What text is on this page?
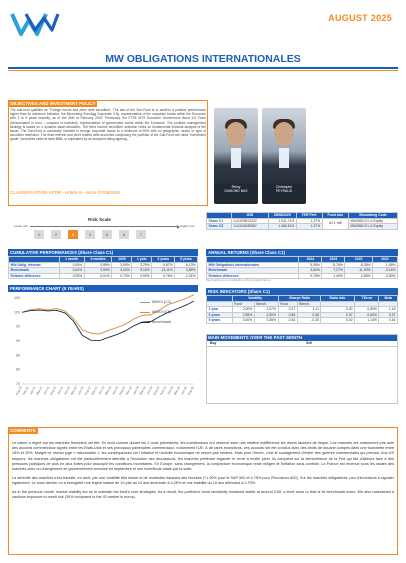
AUGUST 2025
MW OBLIGATIONS INTERNATIONALES
OBJECTIVES AND INVESTMENT POLICY
The sub-fund qualifies as "Foreign bonds and other debt securities". The aim of the Sub-Fund is to achieve a positive performance higher than its reference indicator, the Bloomberg EuroAgg Corporate 3-5y, representative of the corporate bonds within the Eurozone with 3 to 5 years maturity, as of the 26th of February 2020. Previously, the FTSE MTS Eurozone Government Bond 3-5 Years (denominated in euro – coupons re-invested), representative of government bonds within the Eurozone. The portfolio management strategy is based on a dynamic asset allocation. The fixed income securities' selection relies on fundamental financial analysis of the issuer. The Sub-Fund is constantly invested in foreign corporate bonds to a minimum of 50% with no geographic, sector or type of securities restriction. The fixed interest and other related debt securities composing the portfolio of the Sub-Fund are rated "investment grade" (securities rated at least BBB- or equivalent by an accepted rating agency).
CLASSIFICATION SFDR - Article 8 - since 27/05/2024
Rémy
DUMOND BAS
Christophe
PEYRAUD
Risk Scale
Lower risk	Higher risk
1	2	3	4	5	6	7
	ISIN	29/08/2025	TER Perf.	Fund size	Bloomberg Code
Share C1	LU1003574222	1 611,74 €	1,37%	61,1 m€	MWOBICO LX Equity
Share C5	LU1040039567	1 665,63 €	1,37%		MWOBICO LX Equity
CUMULATIVE PERFORMANCES (Share Class C1)
	1 month	3 months	2025	1 year	3 years	5 years
MW Oblig. Internat.	0,09%	0,89%	3,09%	2,29%	9,87%	6,13%
Benchmark	0,04%	0,90%	3,02%	5,16%	13,11%	3,89%
Relative difference	0,05%	-0,01%	0,73%	0,90%	0,76%	2,31%
ANNUAL RETURNS (Share Class C1)
	2024	2023	2022	2021
MW Obligations Internationales	5,38%	8,76%	-8,35%	-1,06%
Benchmark	4,60%	7,27%	-11,00%	-0,16%
Relative difference	0,78%	1,49%	2,65%	-0,90%
Past returns are not indicative of future performance.
PERFORMANCE CHART (5 YEARS)
75
80
85
90
95
100
105
Aug-20
Nov-21
Jan-21
Mar-21
Jun-21
Aug-21
Oct-21
Jan-22
Mar-22
Jun-22
Aug-22
Nov-22
Jan-23
Mar-23
Jun-23
Aug-23
Nov-23
Jan-24
Mar-24
Jun-24
Aug-24
Nov-24
Jan-25
Mar-25
Jun-25
Aug-25
MWOI (C1)
MWOI (C5)
Benchmark
RISK INDICATORS (Share C1)
	Volatility		Sharpe Ratio		Ratio Info.	T.Error	Beta
	Fund	Bench.	Fund	Bench.			
1 year	2,00%	1,57%	0,27	1,11	0,30	0,69%	1,16
3 years	2,85%	2,90%	0,56	0,36	0,37	0,63%	0,97
5 years	3,00%	3,36%	-0,54	-0,25	0,30	1,14%	0,54
MAIN MOVEMENTS OVER THE PAST MONTH
Buy	Sell
COMMENTS

Le calme a régné sur les marchés financiers cet été. En août comme durant les 2 mois précédents, les investisseurs ont observé avec une relative indifférence les divers facteurs de risque. Les marchés ont notamment pris acte des accords commerciaux signés entre les Etats-Unis et ses principaux partenaires commerciaux, notamment l'UE. À de rares exceptions, ces accords ont été conclus avec des droits de douane compris dans une fourchette entre 15% et 20%. Malgré ce niveau jugé « raisonnable », les conséquences sur l'inflation et l'activité économique ne seront pas neutres. Mais pour l'heure, c'est le soulagement d'éviter des guerres commerciales qui prévaut. Aux US toujours, les marchés obligataires ont été particulièrement attentifs à l'évolution des discussions, les marchés préférant regarder le verre à moitié plein. Ils comptent sur la bienveillance de la Fed qui fait d'ailleurs face à des pressions politiques de plus en plus fortes pour assouplir les conditions monétaires. En Europe, sans changement, la conjoncture économique reste mitigée et l'inflation sous contrôle. La France est revenue sous les radars des marchés avec un changement de gouvernement annoncé en septembre et une incertitude totale par la suite.

La sérénité des marchés s'est traduite, en août, par une volatilité très basse et de modestes hausses des bourses (+1.90% pour le S&P 500 et 0.75% pour l'Eurostoxx 600). Sur les marchés obligataires, peu d'évolutions à signaler également. Le mois dernier on a enregistré une légère baisse de 10 pbs du 10 ans américain à 4.25% et une stabilité du 10 ans allemand à 2.70%.

As in the previous month, market stability led us to maintain the fund's core strategies. As a result, the portfolio's bond sensitivity remained stable at around 3.60, a level close to that of its benchmark index. We also maintained a cautious exposure to credit risk (30% compared to the IG market in euros).
